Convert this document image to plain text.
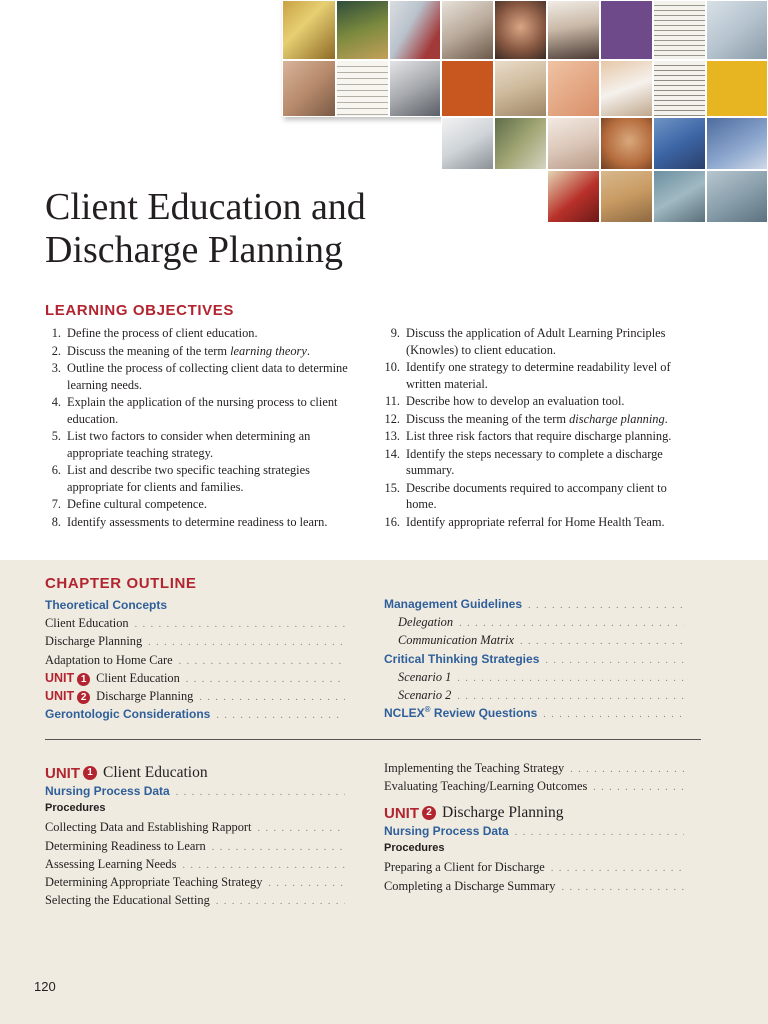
Client Education and
Discharge Planning
LEARNING OBJECTIVES
1. Define the process of client education.
2. Discuss the meaning of the term learning theory.
3. Outline the process of collecting client data to determine learning needs.
4. Explain the application of the nursing process to client education.
5. List two factors to consider when determining an appropriate teaching strategy.
6. List and describe two specific teaching strategies appropriate for clients and families.
7. Define cultural competence.
8. Identify assessments to determine readiness to learn.
9. Discuss the application of Adult Learning Principles (Knowles) to client education.
10. Identify one strategy to determine readability level of written material.
11. Describe how to develop an evaluation tool.
12. Discuss the meaning of the term discharge planning.
13. List three risk factors that require discharge planning.
14. Identify the steps necessary to complete a discharge summary.
15. Describe documents required to accompany client to home.
16. Identify appropriate referral for Home Health Team.
CHAPTER OUTLINE
Theoretical Concepts
Client Education
. . .
Discharge Planning
. . .
Adaptation to Home Care
. . .
UNIT 1 Client Education
. . .
UNIT 2 Discharge Planning
. . .
Gerontologic Considerations
. . .
Management Guidelines
. . .
Delegation
. . .
Communication Matrix
. . .
Critical Thinking Strategies
. . .
Scenario 1
. . .
Scenario 2
. . .
NCLEX® Review Questions
. . .
UNIT 1 Client Education
Nursing Process Data
. . .
Procedures
Collecting Data and Establishing Rapport
. . .
Determining Readiness to Learn
. . .
Assessing Learning Needs
. . .
Determining Appropriate Teaching Strategy
. . .
Selecting the Educational Setting
. . .
Implementing the Teaching Strategy
. . .
Evaluating Teaching/Learning Outcomes
. . .
UNIT 2 Discharge Planning
Nursing Process Data
. . .
Procedures
Preparing a Client for Discharge
. . .
Completing a Discharge Summary
. . .
120
